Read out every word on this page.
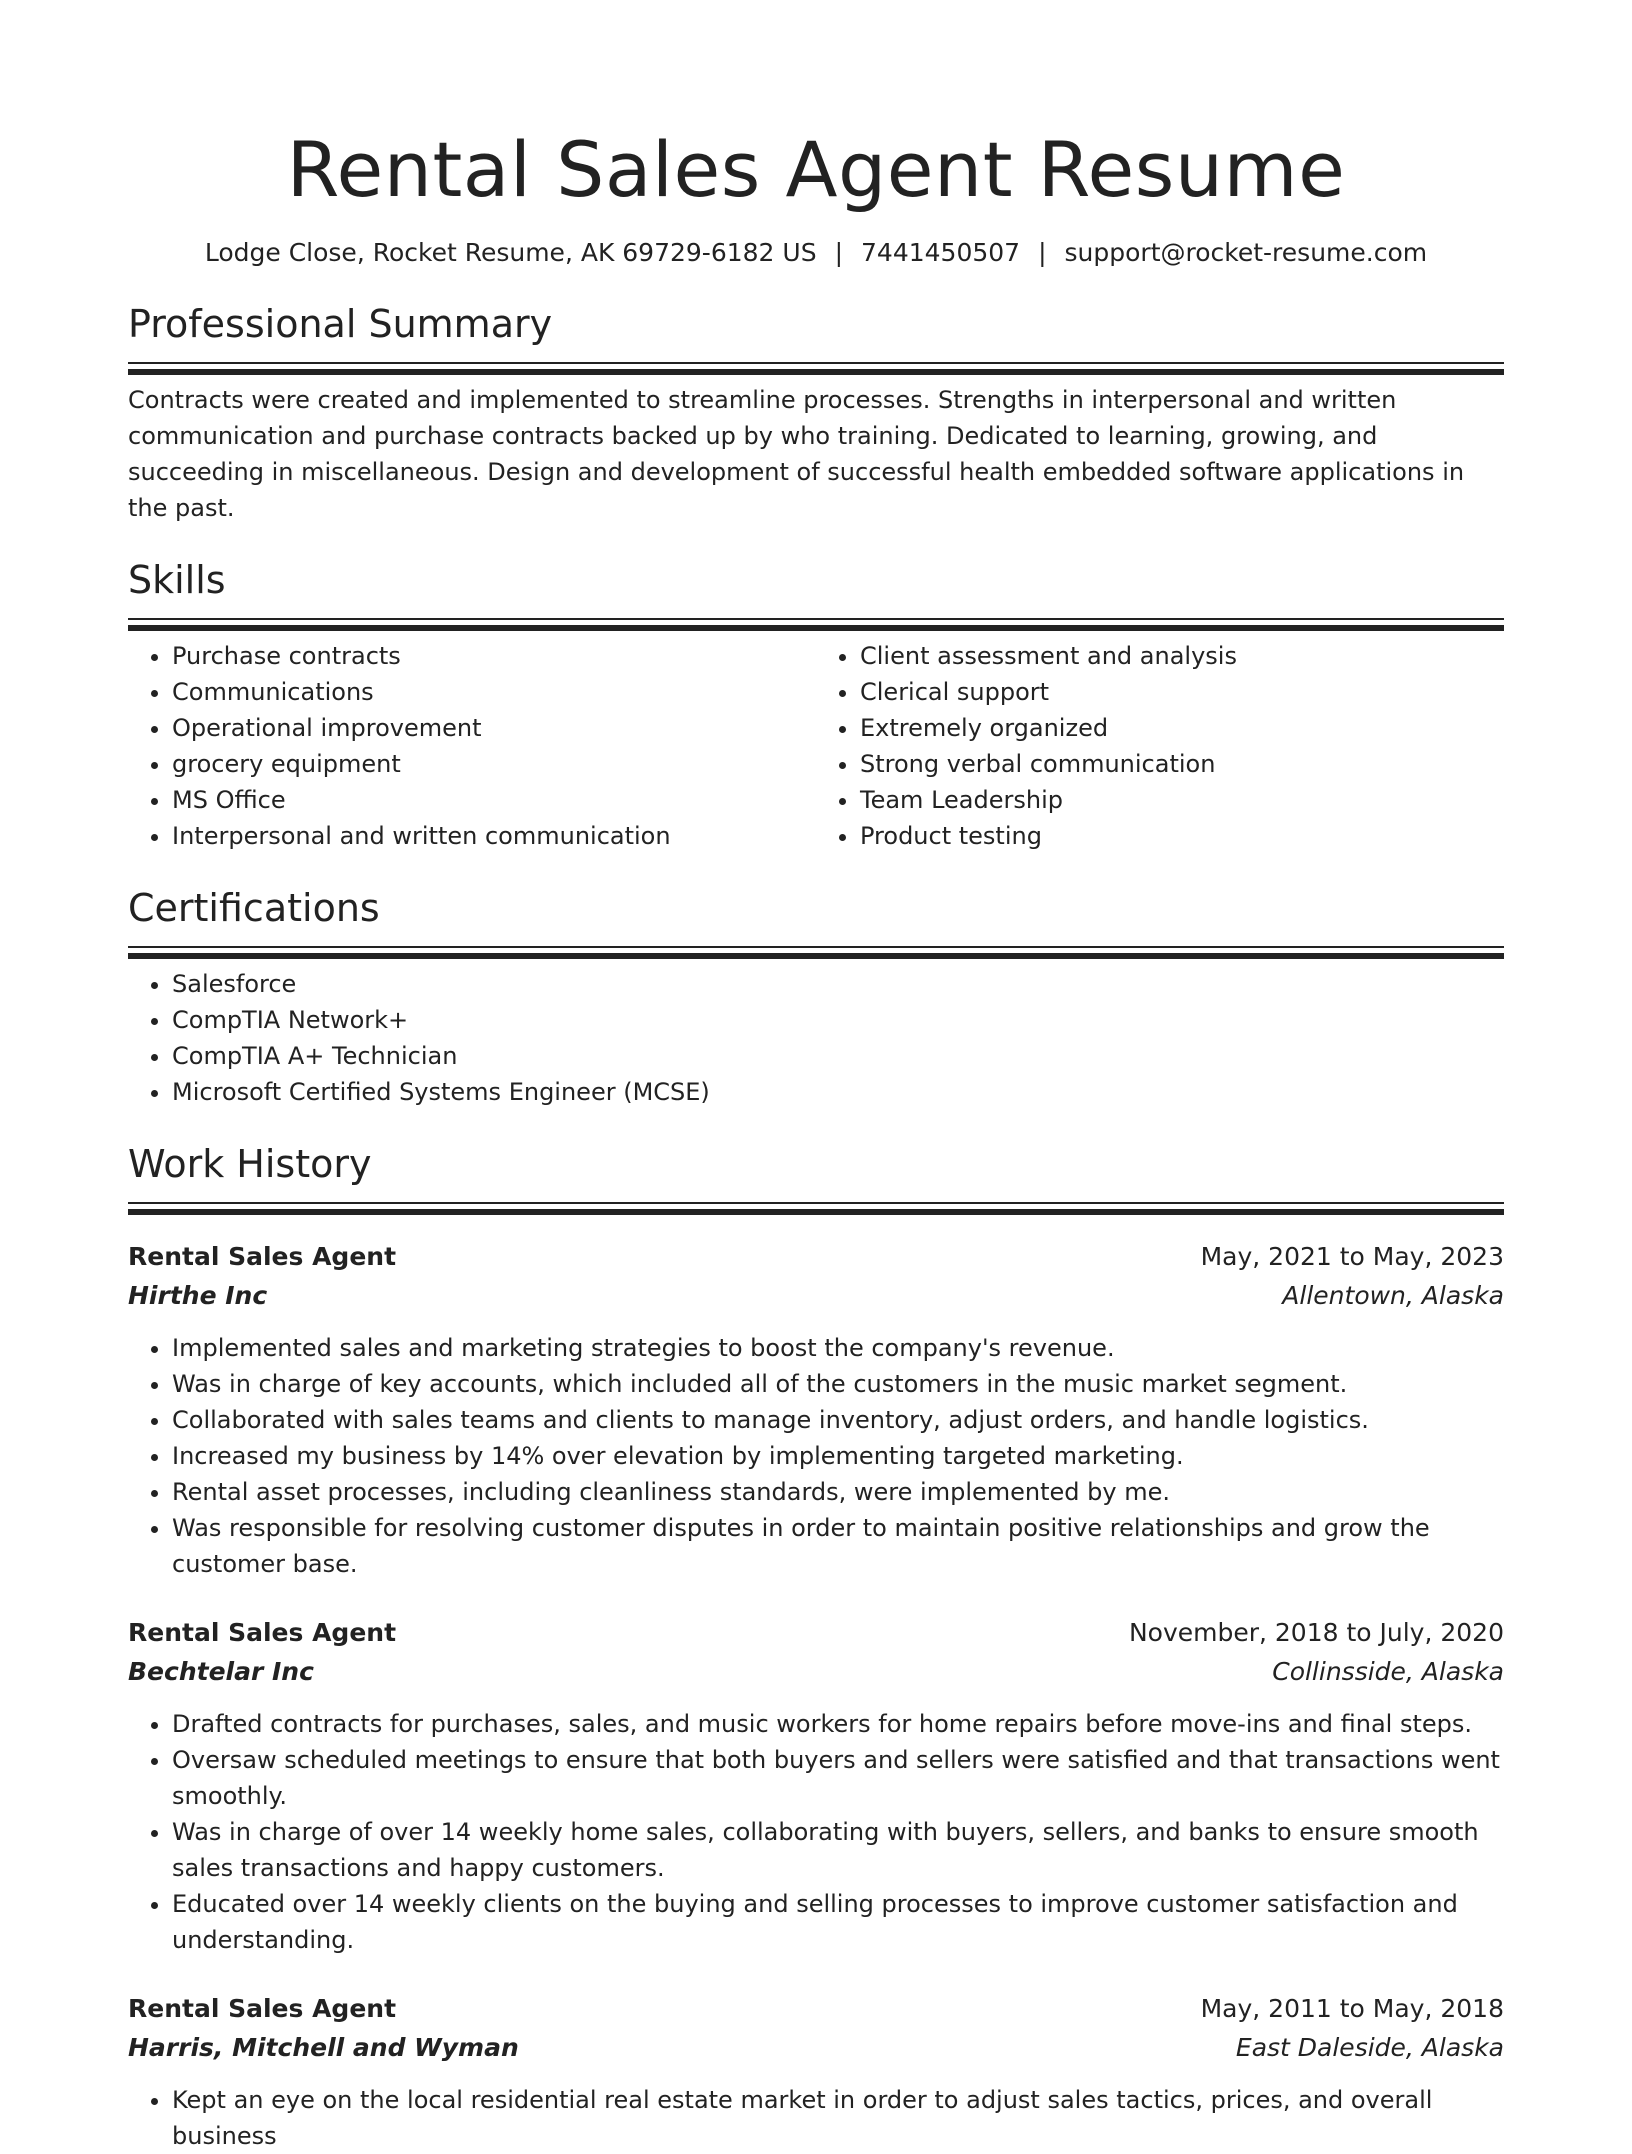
Rental Sales Agent Resume
Lodge Close, Rocket Resume, AK 69729-6182 US | 7441450507 | support@rocket-resume.com
Professional Summary

Contracts were created and implemented to streamline processes. Strengths in interpersonal and written communication and purchase contracts backed up by who training. Dedicated to learning, growing, and succeeding in miscellaneous. Design and development of successful health embedded software applications in the past.

Skills
• Purchase contracts
• Communications
• Operational improvement
• grocery equipment
• MS Office
• Interpersonal and written communication
• Client assessment and analysis
• Clerical support
• Extremely organized
• Strong verbal communication
• Team Leadership
• Product testing
Certifications
• Salesforce
• CompTIA Network+
• CompTIA A+ Technician
• Microsoft Certified Systems Engineer (MCSE)
Work History
Rental Sales Agent	May, 2021 to May, 2023
Hirthe Inc	Allentown, Alaska
• Implemented sales and marketing strategies to boost the company's revenue.
• Was in charge of key accounts, which included all of the customers in the music market segment.
• Collaborated with sales teams and clients to manage inventory, adjust orders, and handle logistics.
• Increased my business by 14% over elevation by implementing targeted marketing.
• Rental asset processes, including cleanliness standards, were implemented by me.
• Was responsible for resolving customer disputes in order to maintain positive relationships and grow the customer base.
Rental Sales Agent	November, 2018 to July, 2020
Bechtelar Inc	Collinsside, Alaska
• Drafted contracts for purchases, sales, and music workers for home repairs before move-ins and final steps.
• Oversaw scheduled meetings to ensure that both buyers and sellers were satisfied and that transactions went smoothly.
• Was in charge of over 14 weekly home sales, collaborating with buyers, sellers, and banks to ensure smooth sales transactions and happy customers.
• Educated over 14 weekly clients on the buying and selling processes to improve customer satisfaction and understanding.
Rental Sales Agent	May, 2011 to May, 2018
Harris, Mitchell and Wyman	East Daleside, Alaska
• Kept an eye on the local residential real estate market in order to adjust sales tactics, prices, and overall business
